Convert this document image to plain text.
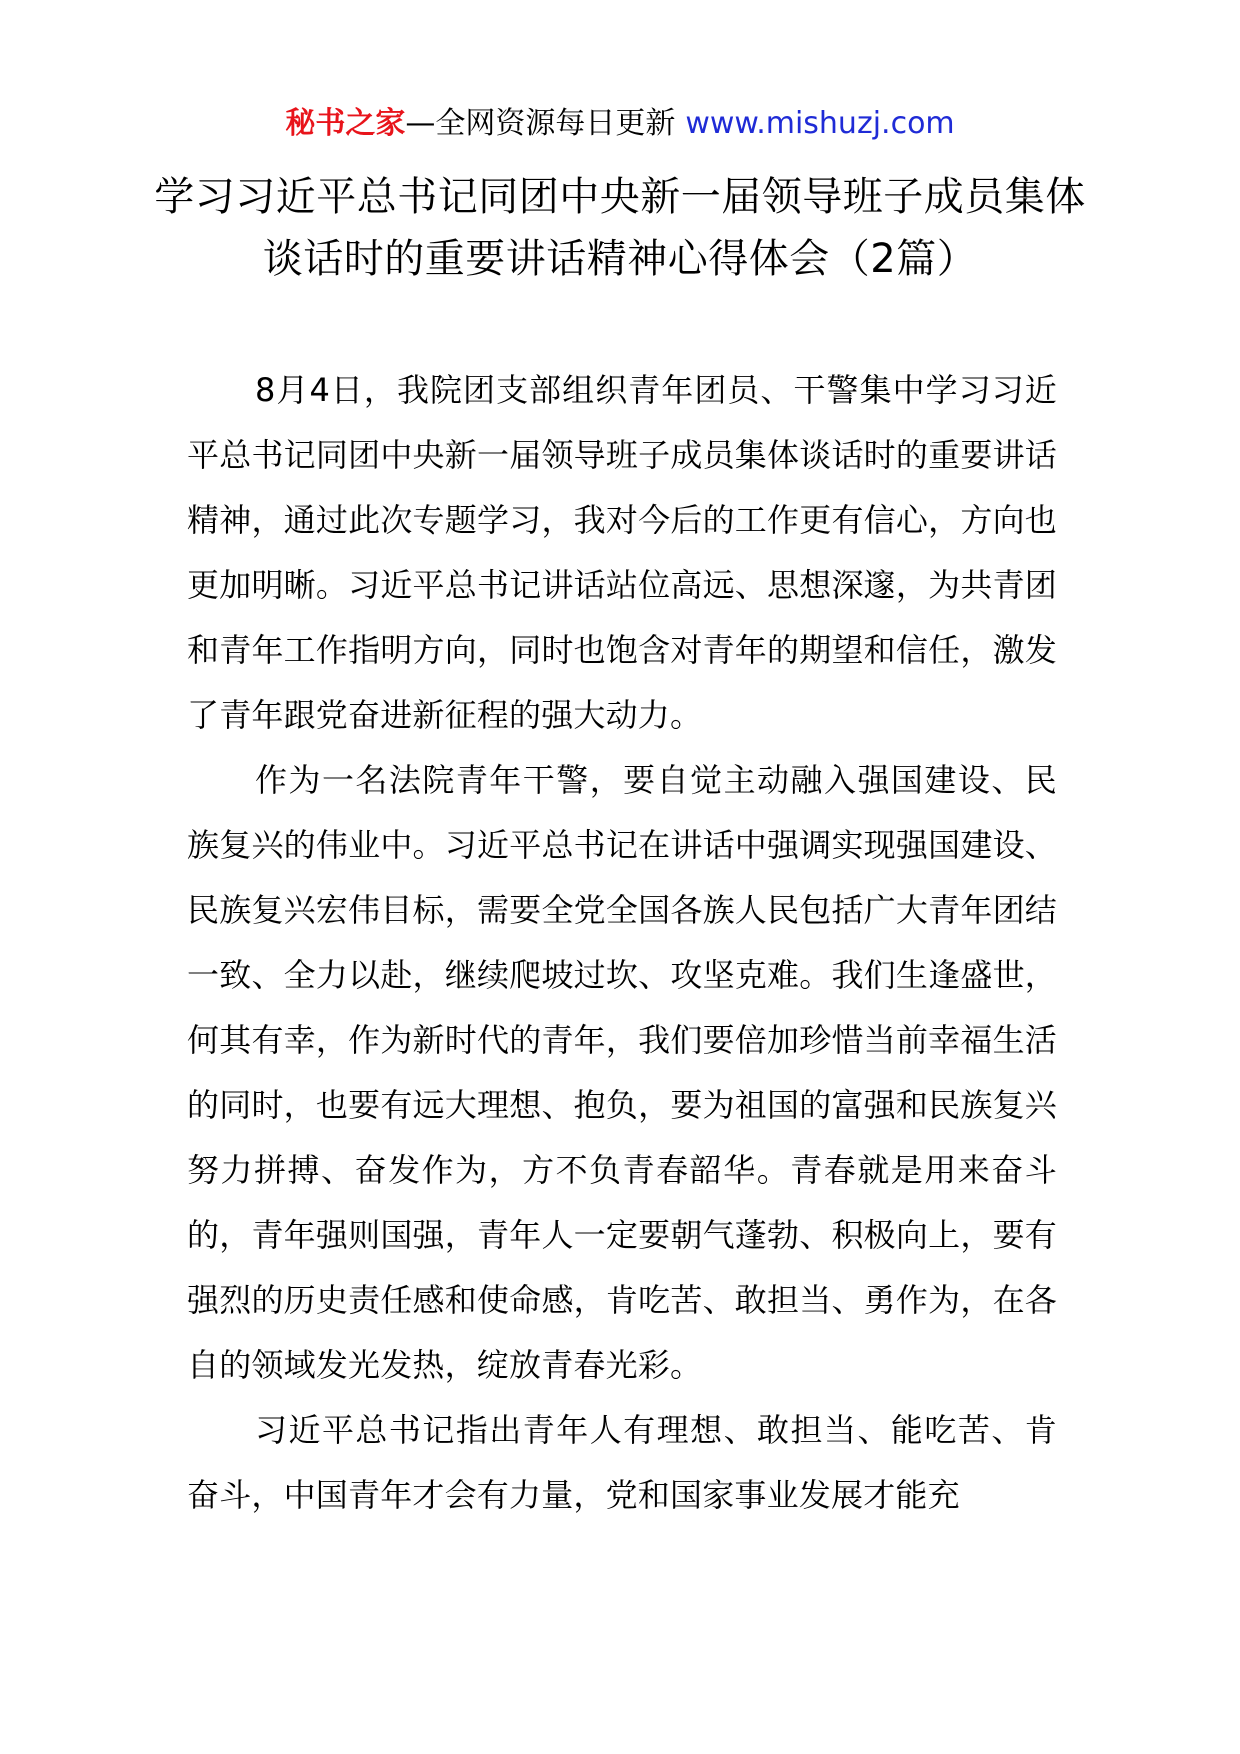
秘书之家—全网资源每日更新 www.mishuzj.com
学习习近平总书记同团中央新一届领导班子成员集体谈话时的重要讲话精神心得体会（2篇）

8月4日，我院团支部组织青年团员、干警集中学习习近平总书记同团中央新一届领导班子成员集体谈话时的重要讲话精神，通过此次专题学习，我对今后的工作更有信心，方向也更加明晰。习近平总书记讲话站位高远、思想深邃，为共青团和青年工作指明方向，同时也饱含对青年的期望和信任，激发了青年跟党奋进新征程的强大动力。

作为一名法院青年干警，要自觉主动融入强国建设、民族复兴的伟业中。习近平总书记在讲话中强调实现强国建设、民族复兴宏伟目标，需要全党全国各族人民包括广大青年团结一致、全力以赴，继续爬坡过坎、攻坚克难。我们生逢盛世，何其有幸，作为新时代的青年，我们要倍加珍惜当前幸福生活的同时，也要有远大理想、抱负，要为祖国的富强和民族复兴努力拼搏、奋发作为，方不负青春韶华。青春就是用来奋斗的，青年强则国强，青年人一定要朝气蓬勃、积极向上，要有强烈的历史责任感和使命感，肯吃苦、敢担当、勇作为，在各自的领域发光发热，绽放青春光彩。

习近平总书记指出青年人有理想、敢担当、能吃苦、肯奋斗，中国青年才会有力量，党和国家事业发展才能充
